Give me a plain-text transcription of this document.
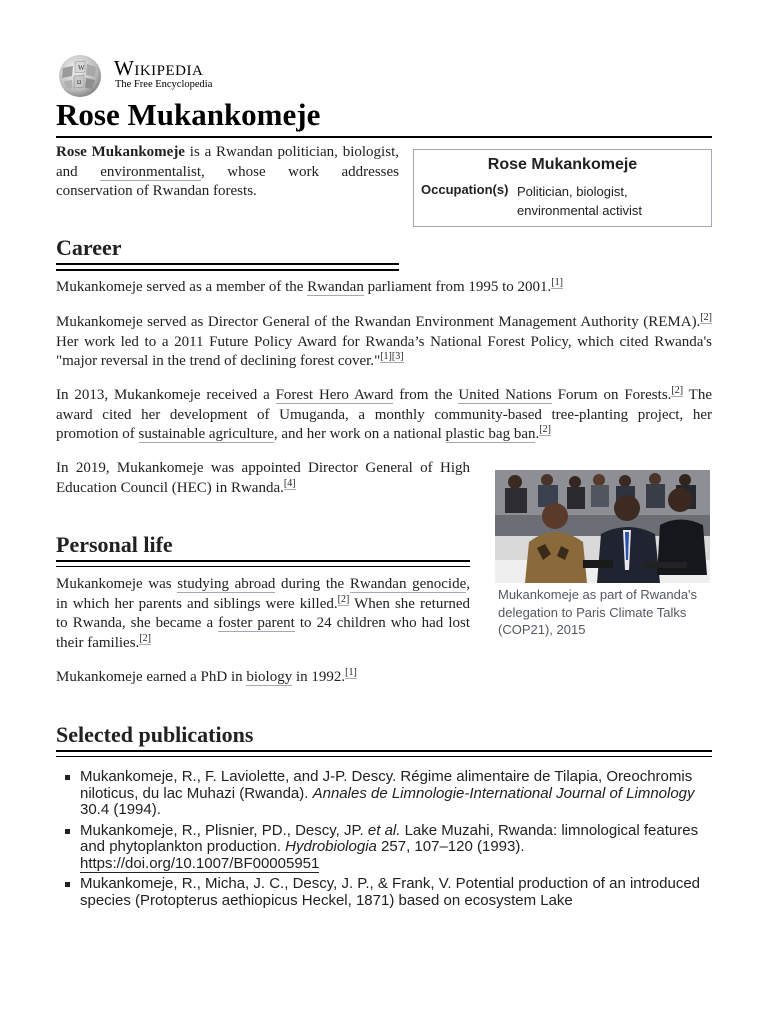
W
Ω
Wikipedia
The Free Encyclopedia
Rose Mukankomeje

Rose Mukankomeje is a Rwandan politician, biologist, and environmentalist, whose work addresses conservation of Rwandan forests.

Rose Mukankomeje
Occupation(s) Politician, biologist, environmental activist
Career

Mukankomeje served as a member of the Rwandan parliament from 1995 to 2001.[1]

Mukankomeje served as Director General of the Rwandan Environment Management Authority (REMA).[2] Her work led to a 2011 Future Policy Award for Rwanda’s National Forest Policy, which cited Rwanda's "major reversal in the trend of declining forest cover."[1][3]

In 2013, Mukankomeje received a Forest Hero Award from the United Nations Forum on Forests.[2] The award cited her development of Umuganda, a monthly community-based tree-planting project, her promotion of sustainable agriculture, and her work on a national plastic bag ban.[2]

In 2019, Mukankomeje was appointed Director General of High Education Council (HEC) in Rwanda.[4]

Mukankomeje as part of Rwanda's delegation to Paris Climate Talks (COP21), 2015
Personal life

Mukankomeje was studying abroad during the Rwandan genocide, in which her parents and siblings were killed.[2] When she returned to Rwanda, she became a foster parent to 24 children who had lost their families.[2]

Mukankomeje earned a PhD in biology in 1992.[1]

Selected publications
Mukankomeje, R., F. Laviolette, and J-P. Descy. Régime alimentaire de Tilapia, Oreochromis niloticus, du lac Muhazi (Rwanda). Annales de Limnologie-International Journal of Limnology 30.4 (1994).
Mukankomeje, R., Plisnier, PD., Descy, JP. et al. Lake Muzahi, Rwanda: limnological features and phytoplankton production. Hydrobiologia 257, 107–120 (1993). https://doi.org/10.1007/BF00005951
Mukankomeje, R., Micha, J. C., Descy, J. P., & Frank, V. Potential production of an introduced species (Protopterus aethiopicus Heckel, 1871) based on ecosystem Lake
